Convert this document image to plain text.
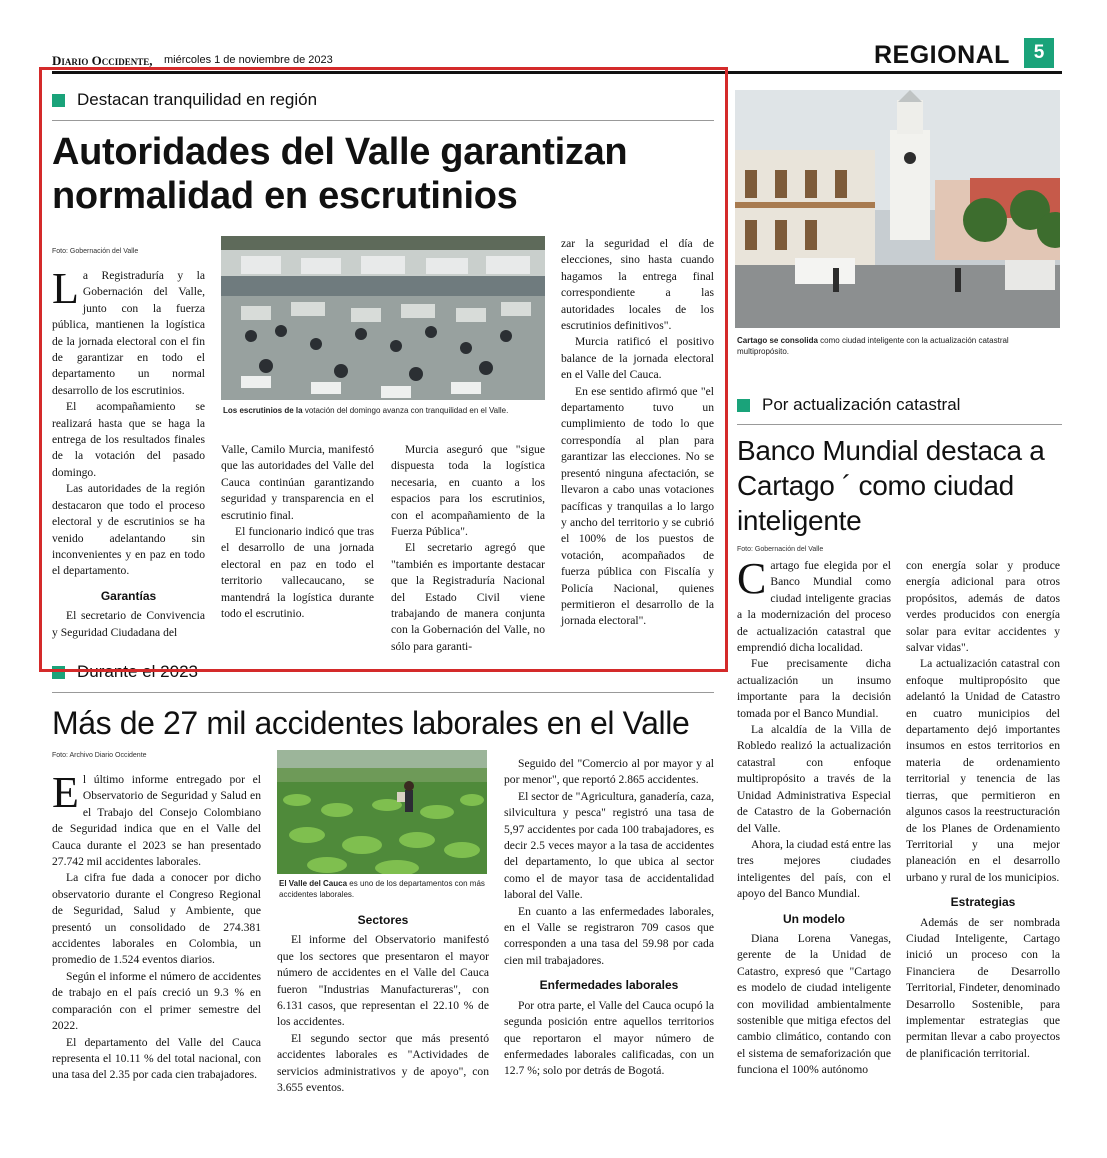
Diario Occidente, miércoles 1 de noviembre de 2023	REGIONAL	5
Destacan tranquilidad en región
Autoridades del Valle garantizan normalidad en escrutinios
Foto: Gobernación del Valle

La Registraduría y la Gobernación del Valle, junto con la fuerza pública, mantienen la logística de la jornada electoral con el fin de garantizar en todo el departamento un normal desarrollo de los escrutinios.

El acompañamiento se realizará hasta que se haga la entrega de los resultados finales de la votación del pasado domingo.

Las autoridades de la región destacaron que todo el proceso electoral y de escrutinios se ha venido adelantando sin inconvenientes y en paz en todo el departamento.

Garantías

El secretario de Convivencia y Seguridad Ciudadana del

Los escrutinios de la votación del domingo avanza con tranquilidad en el Valle.

Valle, Camilo Murcia, manifestó que las autoridades del Valle del Cauca continúan garantizando seguridad y transparencia en el escrutinio final.

El funcionario indicó que tras el desarrollo de una jornada electoral en paz en todo el territorio vallecaucano, se mantendrá la logística durante todo el escrutinio.

Murcia aseguró que "sigue dispuesta toda la logística necesaria, en cuanto a los espacios para los escrutinios, con el acompañamiento de la Fuerza Pública".

El secretario agregó que "también es importante destacar que la Registraduría Nacional del Estado Civil viene trabajando de manera conjunta con la Gobernación del Valle, no sólo para garanti-

zar la seguridad el día de elecciones, sino hasta cuando hagamos la entrega final correspondiente a las autoridades locales de los escrutinios definitivos".

Murcia ratificó el positivo balance de la jornada electoral en el Valle del Cauca.

En ese sentido afirmó que "el departamento tuvo un cumplimiento de todo lo que correspondía al plan para garantizar las elecciones. No se presentó ninguna afectación, se llevaron a cabo unas votaciones pacíficas y tranquilas a lo largo y ancho del territorio y se cubrió el 100% de los puestos de votación, acompañados de fuerza pública con Fiscalía y Policía Nacional, quienes permitieron el desarrollo de la jornada electoral".

Durante el 2023
Más de 27 mil accidentes laborales en el Valle
Foto: Archivo Diario Occidente

El último informe entregado por el Observatorio de Seguridad y Salud en el Trabajo del Consejo Colombiano de Seguridad indica que en el Valle del Cauca durante el 2023 se han presentado 27.742 mil accidentes laborales.

La cifra fue dada a conocer por dicho observatorio durante el Congreso Regional de Seguridad, Salud y Ambiente, que presentó un consolidado de 274.381 accidentes laborales en Colombia, un promedio de 1.524 eventos diarios.

Según el informe el número de accidentes de trabajo en el país creció un 9.3 % en comparación con el primer semestre del 2022.

El departamento del Valle del Cauca representa el 10.11 % del total nacional, con una tasa del 2.35 por cada cien trabajadores.

El Valle del Cauca es uno de los departamentos con más accidentes laborales.
Sectores

El informe del Observatorio manifestó que los sectores que presentaron el mayor número de accidentes en el Valle del Cauca fueron "Industrias Manufactureras", con 6.131 casos, que representan el 22.10 % de los accidentes.

El segundo sector que más presentó accidentes laborales es "Actividades de servicios administrativos y de apoyo", con 3.655 eventos.

Seguido del "Comercio al por mayor y al por menor", que reportó 2.865 accidentes.

El sector de "Agricultura, ganadería, caza, silvicultura y pesca" registró una tasa de 5,97 accidentes por cada 100 trabajadores, es decir 2.5 veces mayor a la tasa de accidentes del departamento, lo que ubica al sector como el de mayor tasa de accidentalidad laboral del Valle.

En cuanto a las enfermedades laborales, en el Valle se registraron 709 casos que corresponden a una tasa del 59.98 por cada cien mil trabajadores.

Enfermedades laborales

Por otra parte, el Valle del Cauca ocupó la segunda posición entre aquellos territorios que reportaron el mayor número de enfermedades laborales calificadas, con un 12.7 %; solo por detrás de Bogotá.

Cartago se consolida como ciudad inteligente con la actualización catastral multipropósito.
Por actualización catastral
Banco Mundial destaca a Cartago ´ como ciudad inteligente
Foto: Gobernación del Valle

Cartago fue elegida por el Banco Mundial como ciudad inteligente gracias a la modernización del proceso de actualización catastral que emprendió dicha localidad.

Fue precisamente dicha actualización un insumo importante para la decisión tomada por el Banco Mundial.

La alcaldía de la Villa de Robledo realizó la actualización catastral con enfoque multipropósito a través de la Unidad Administrativa Especial de Catastro de la Gobernación del Valle.

Ahora, la ciudad está entre las tres mejores ciudades inteligentes del país, con el apoyo del Banco Mundial.

Un modelo

Diana Lorena Vanegas, gerente de la Unidad de Catastro, expresó que "Cartago es modelo de ciudad inteligente con movilidad ambientalmente sostenible que mitiga efectos del cambio climático, contando con el sistema de semaforización que funciona el 100% autónomo

con energía solar y produce energía adicional para otros propósitos, además de datos verdes producidos con energía solar para evitar accidentes y salvar vidas".

La actualización catastral con enfoque multipropósito que adelantó la Unidad de Catastro en cuatro municipios del departamento dejó importantes insumos en estos territorios en materia de ordenamiento territorial y tenencia de las tierras, que permitieron en algunos casos la reestructuración de los Planes de Ordenamiento Territorial y una mejor planeación en el desarrollo urbano y rural de los municipios.

Estrategias

Además de ser nombrada Ciudad Inteligente, Cartago inició un proceso con la Financiera de Desarrollo Territorial, Findeter, denominado Desarrollo Sostenible, para implementar estrategias que permitan llevar a cabo proyectos de planificación territorial.
